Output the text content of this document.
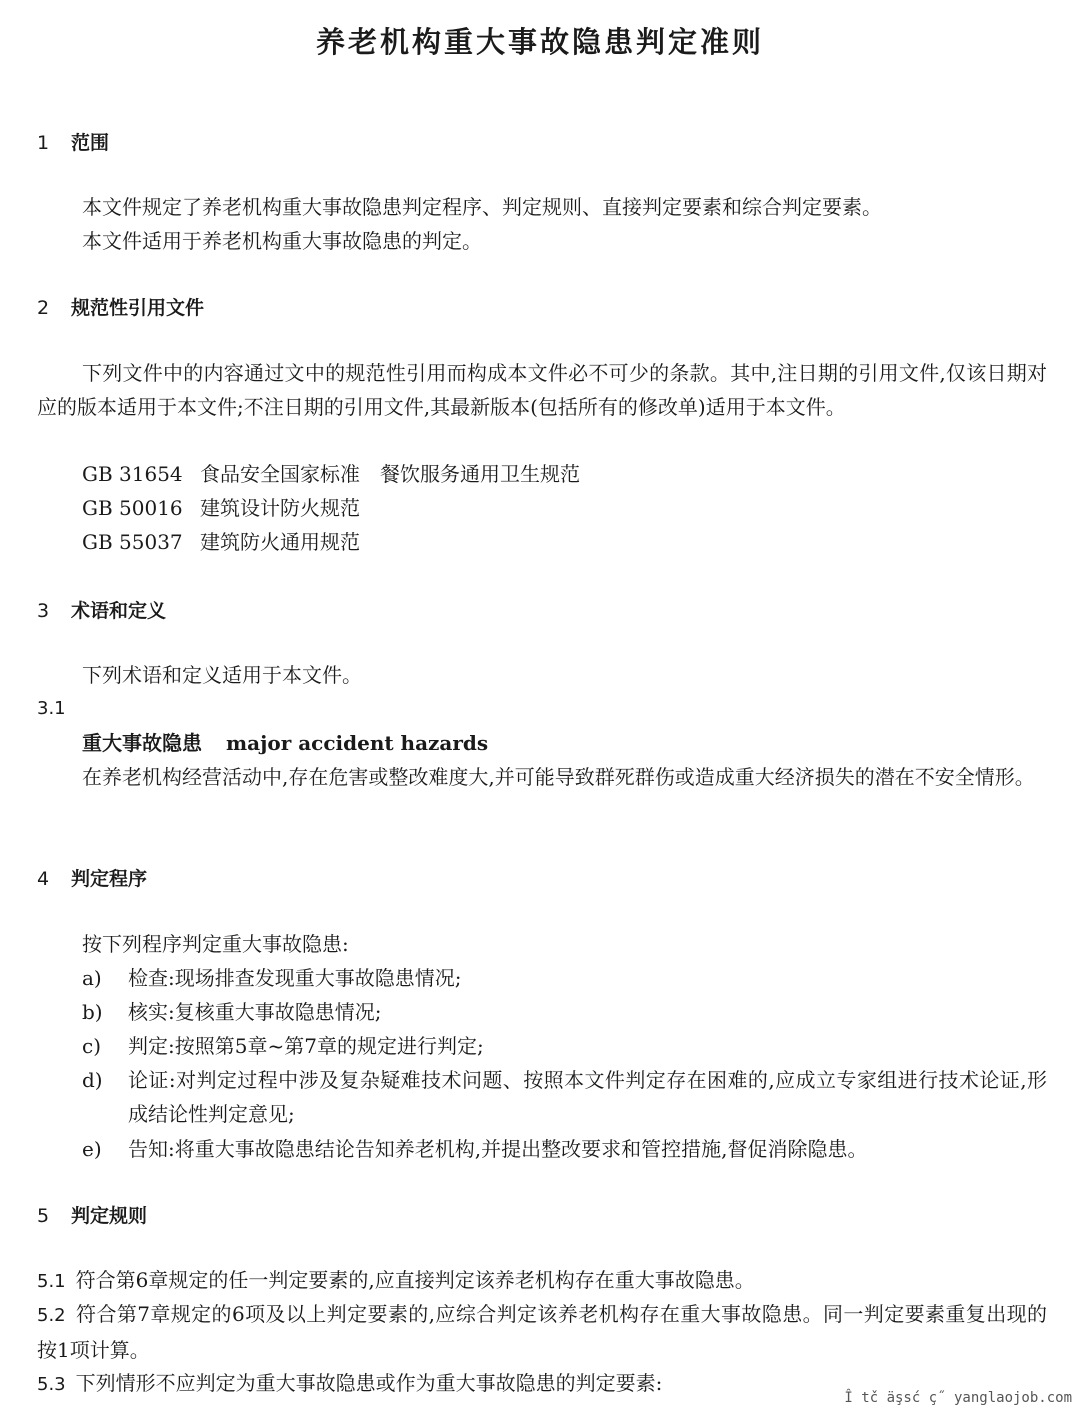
养老机构重大事故隐患判定准则
1 范围
本文件规定了养老机构重大事故隐患判定程序、判定规则、直接判定要素和综合判定要素。
本文件适用于养老机构重大事故隐患的判定。
2 规范性引用文件
下列文件中的内容通过文中的规范性引用而构成本文件必不可少的条款。其中,注日期的引用文件,仅该日期对应的版本适用于本文件;不注日期的引用文件,其最新版本(包括所有的修改单)适用于本文件。
GB 31654 食品安全国家标准　餐饮服务通用卫生规范
GB 50016 建筑设计防火规范
GB 55037 建筑防火通用规范
3 术语和定义
下列术语和定义适用于本文件。
3.1
重大事故隐患 major accident hazards
在养老机构经营活动中,存在危害或整改难度大,并可能导致群死群伤或造成重大经济损失的潜在不安全情形。
4 判定程序
按下列程序判定重大事故隐患:
a)	检查:现场排查发现重大事故隐患情况;
b)	核实:复核重大事故隐患情况;
c)	判定:按照第5章~第7章的规定进行判定;
d)	论证:对判定过程中涉及复杂疑难技术问题、按照本文件判定存在困难的,应成立专家组进行技术论证,形成结论性判定意见;
e)	告知:将重大事故隐患结论告知养老机构,并提出整改要求和管控措施,督促消除隐患。
5 判定规则
5.1 符合第6章规定的任一判定要素的,应直接判定该养老机构存在重大事故隐患。
5.2 符合第7章规定的6项及以上判定要素的,应综合判定该养老机构存在重大事故隐患。同一判定要素重复出现的按1项计算。
5.3 下列情形不应判定为重大事故隐患或作为重大事故隐患的判定要素:
Î tč äşsć ç˝ yanglaojob.com
